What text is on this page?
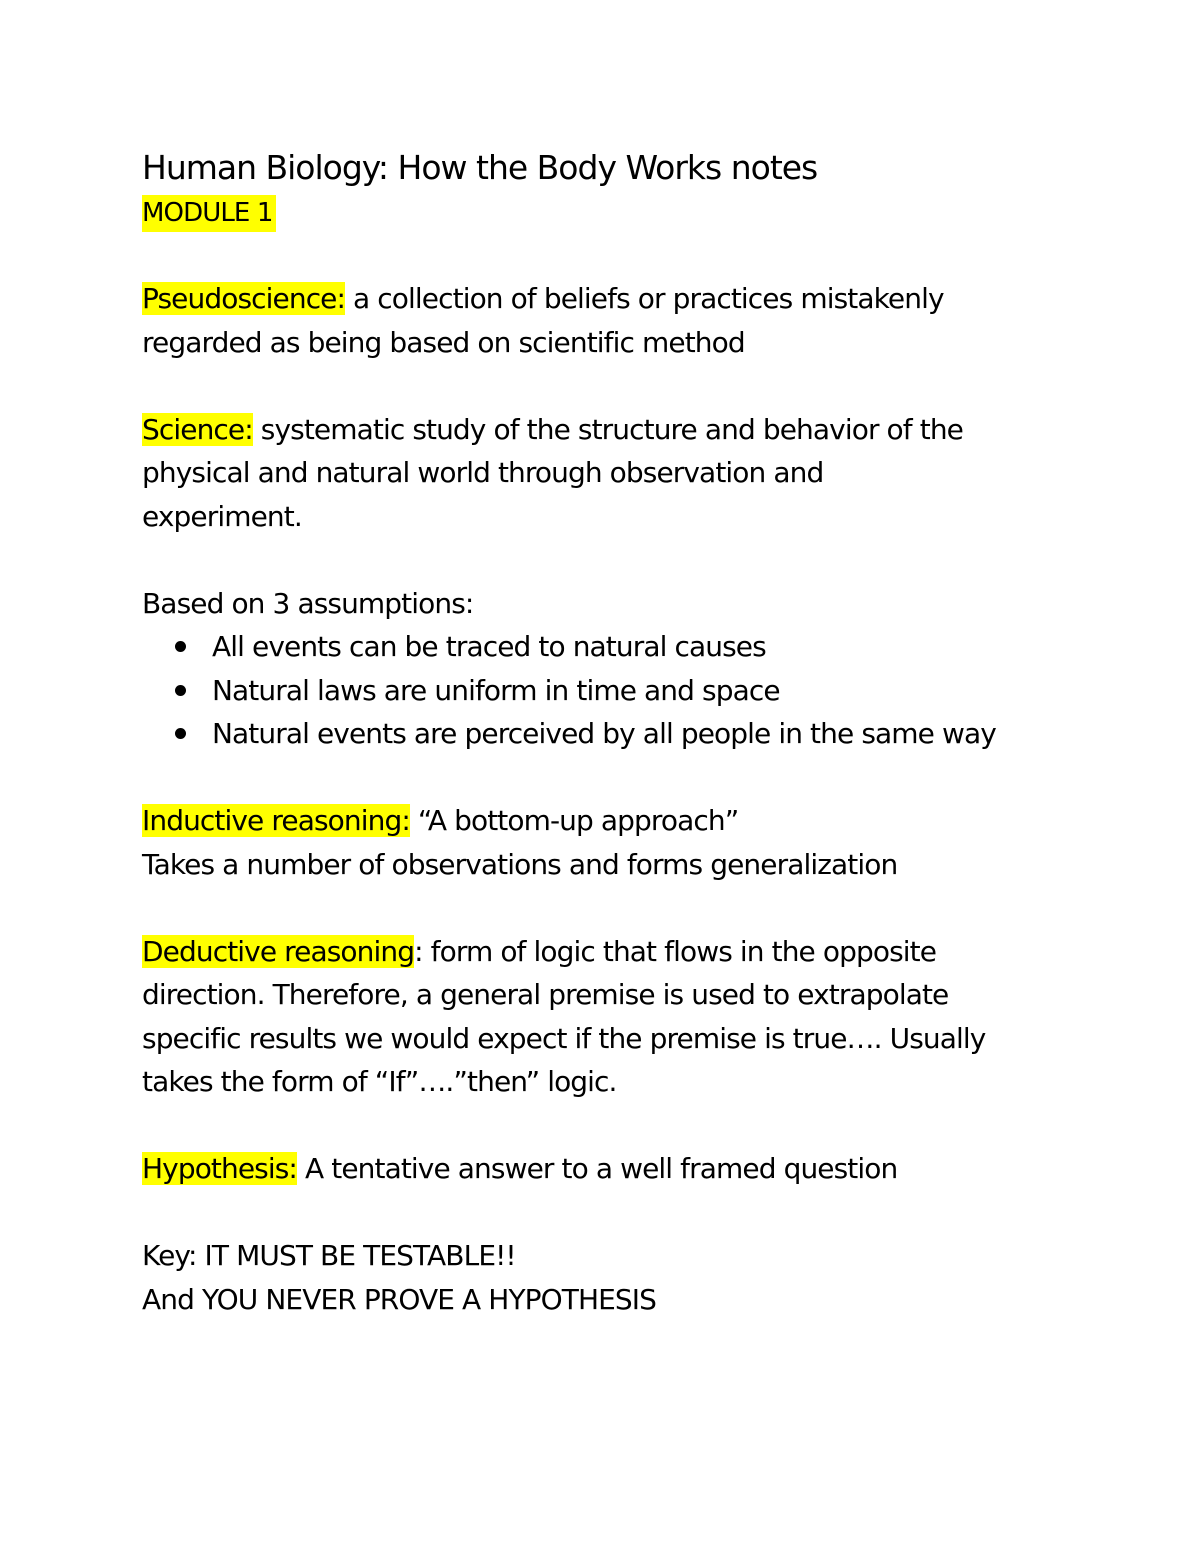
Human Biology: How the Body Works notes
MODULE 1
Pseudoscience: a collection of beliefs or practices mistakenly
regarded as being based on scientific method
Science: systematic study of the structure and behavior of the
physical and natural world through observation and
experiment.
Based on 3 assumptions:
All events can be traced to natural causes
Natural laws are uniform in time and space
Natural events are perceived by all people in the same way
Inductive reasoning: “A bottom-up approach”
Takes a number of observations and forms generalization
Deductive reasoning: form of logic that flows in the opposite
direction. Therefore, a general premise is used to extrapolate
specific results we would expect if the premise is true…. Usually
takes the form of “If”….”then” logic.
Hypothesis: A tentative answer to a well framed question
Key: IT MUST BE TESTABLE!!
And YOU NEVER PROVE A HYPOTHESIS
